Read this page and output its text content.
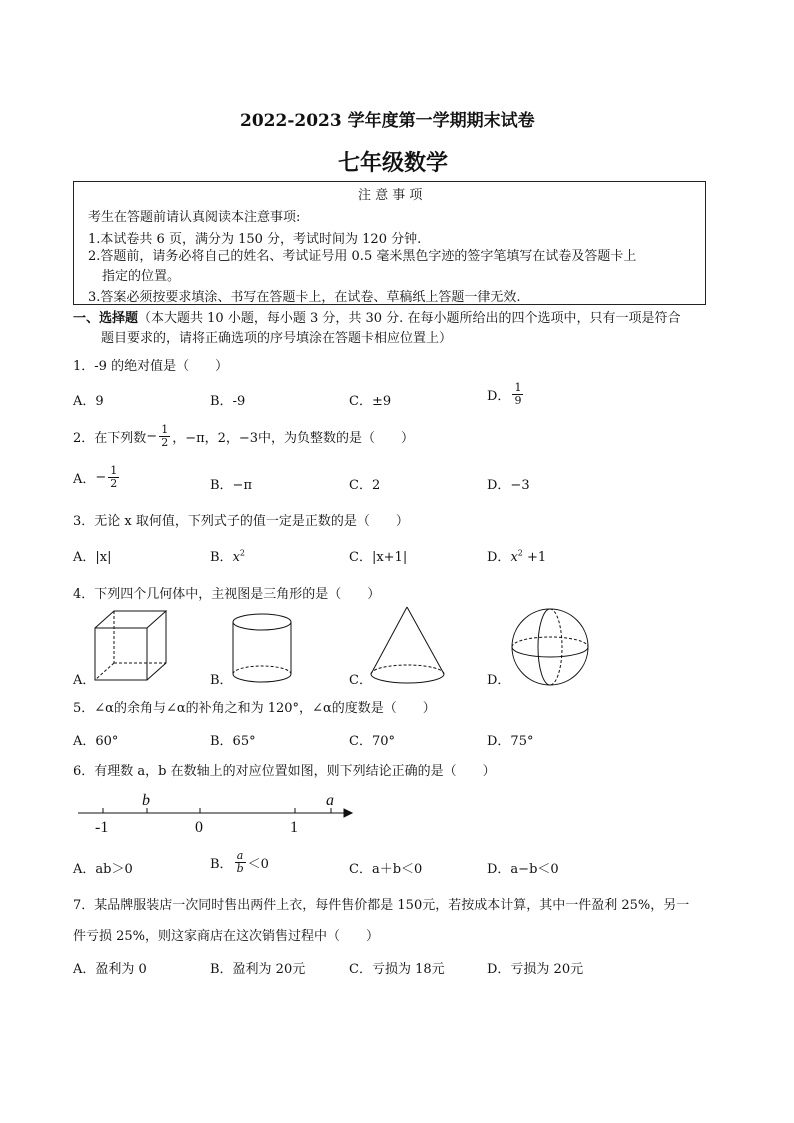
2022-2023 学年度第一学期期末试卷
七年级数学
注 意 事 项
考生在答题前请认真阅读本注意事项:
1.本试卷共 6 页，满分为 150 分，考试时间为 120 分钟.
2.答题前，请务必将自己的姓名、考试证号用 0.5 毫米黑色字迹的签字笔填写在试卷及答题卡上
指定的位置。
3.答案必须按要求填涂、书写在答题卡上，在试卷、草稿纸上答题一律无效.
一、选择题（本大题共 10 小题，每小题 3 分，共 30 分. 在每小题所给出的四个选项中，只有一项是符合
题目要求的，请将正确选项的序号填涂在答题卡相应位置上）
1．-9 的绝对值是（　　）
A．9	B．-9	C．±9	D． $\frac{1}{9}$
2．在下列数− $\frac{1}{2}$ ，−π，2，−3中，为负整数的是（　　）
A．− $\frac{1}{2}$	B．−π	C．2	D．−3
3．无论 x 取何值，下列式子的值一定是正数的是（　　）
A．|x|	B．$x^2$	C．|x+1|	D．$x^2 +1$
4．下列四个几何体中，主视图是三角形的是（　　）
A．	B．	C．	D．
5．∠α的余角与∠α的补角之和为 120°，∠α的度数是（　　）
A．60°	B．65°	C．70°	D．75°
6．有理数 a，b 在数轴上的对应位置如图，则下列结论正确的是（　　）
b	a
-1	0	1
A．ab＞0	B． $\frac{a}{b} <0$	C．a＋b＜0	D．a−b＜0
7．某品牌服装店一次同时售出两件上衣，每件售价都是 150元，若按成本计算，其中一件盈利 25%，另一
件亏损 25%，则这家商店在这次销售过程中（　　）
A．盈利为 0	B．盈利为 20元	C．亏损为 18元	D．亏损为 20元
